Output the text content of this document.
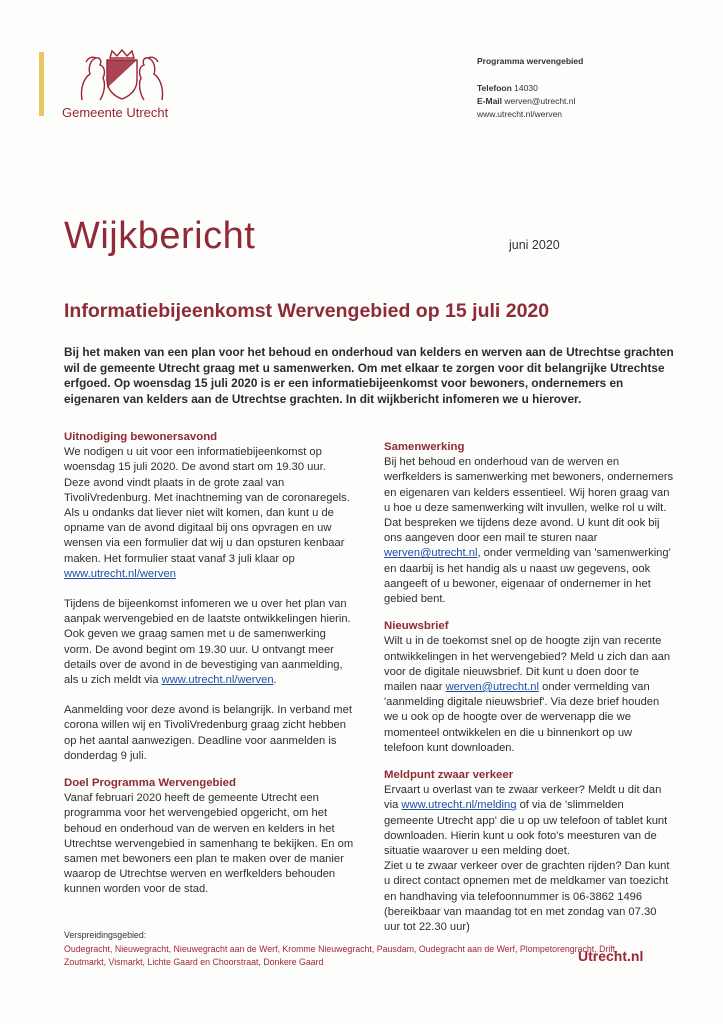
Gemeente Utrecht
Programma wervengebied
Telefoon 14030
E-Mail werven@utrecht.nl
www.utrecht.nl/werven
Wijkbericht	juni 2020
Informatiebijeenkomst Wervengebied op 15 juli 2020
Bij het maken van een plan voor het behoud en onderhoud van kelders en werven aan de Utrechtse grachten wil de gemeente Utrecht graag met u samenwerken. Om met elkaar te zorgen voor dit belangrijke Utrechtse erfgoed. Op woensdag 15 juli 2020 is er een informatiebijeenkomst voor bewoners, ondernemers en eigenaren van kelders aan de Utrechtse grachten. In dit wijkbericht infomeren we u hierover.
Uitnodiging bewonersavond

We nodigen u uit voor een informatiebijeenkomst op woensdag 15 juli 2020. De avond start om 19.30 uur. Deze avond vindt plaats in de grote zaal van TivoliVredenburg. Met inachtneming van de coronaregels. Als u ondanks dat liever niet wilt komen, dan kunt u de opname van de avond digitaal bij ons opvragen en uw wensen via een formulier dat wij u dan opsturen kenbaar maken. Het formulier staat vanaf 3 juli klaar op www.utrecht.nl/werven

Tijdens de bijeenkomst infomeren we u over het plan van aanpak wervengebied en de laatste ontwikkelingen hierin. Ook geven we graag samen met u de samenwerking vorm. De avond begint om 19.30 uur. U ontvangt meer details over de avond in de bevestiging van aanmelding, als u zich meldt via www.utrecht.nl/werven.

Aanmelding voor deze avond is belangrijk. In verband met corona willen wij en TivoliVredenburg graag zicht hebben op het aantal aanwezigen. Deadline voor aanmelden is donderdag 9 juli.

Doel Programma Wervengebied

Vanaf februari 2020 heeft de gemeente Utrecht een programma voor het wervengebied opgericht, om het behoud en onderhoud van de werven en kelders in het Utrechtse wervengebied in samenhang te bekijken. En om samen met bewoners een plan te maken over de manier waarop de Utrechtse werven en werfkelders behouden kunnen worden voor de stad.

Samenwerking

Bij het behoud en onderhoud van de werven en werfkelders is samenwerking met bewoners, ondernemers en eigenaren van kelders essentieel. Wij horen graag van u hoe u deze samenwerking wilt invullen, welke rol u wilt. Dat bespreken we tijdens deze avond. U kunt dit ook bij ons aangeven door een mail te sturen naar werven@utrecht.nl, onder vermelding van 'samenwerking' en daarbij is het handig als u naast uw gegevens, ook aangeeft of u bewoner, eigenaar of ondernemer in het gebied bent.

Nieuwsbrief

Wilt u in de toekomst snel op de hoogte zijn van recente ontwikkelingen in het wervengebied? Meld u zich dan aan voor de digitale nieuwsbrief. Dit kunt u doen door te mailen naar werven@utrecht.nl onder vermelding van 'aanmelding digitale nieuwsbrief'. Via deze brief houden we u ook op de hoogte over de wervenapp die we momenteel ontwikkelen en die u binnenkort op uw telefoon kunt downloaden.

Meldpunt zwaar verkeer

Ervaart u overlast van te zwaar verkeer? Meldt u dit dan via www.utrecht.nl/melding of via de 'slimmelden gemeente Utrecht app' die u op uw telefoon of tablet kunt downloaden. Hierin kunt u ook foto's meesturen van de situatie waarover u een melding doet.

Ziet u te zwaar verkeer over de grachten rijden? Dan kunt u direct contact opnemen met de meldkamer van toezicht en handhaving via telefoonnummer is 06-3862 1496 (bereikbaar van maandag tot en met zondag van 07.30 uur tot 22.30 uur)

Verspreidingsgebied:
Oudegracht, Nieuwegracht, Nieuwegracht aan de Werf, Kromme Nieuwegracht, Pausdam, Oudegracht aan de Werf, Plompetorengracht, Drift, Zoutmarkt, Vismarkt, Lichte Gaard en Choorstraat, Donkere Gaard	Utrecht.nl
